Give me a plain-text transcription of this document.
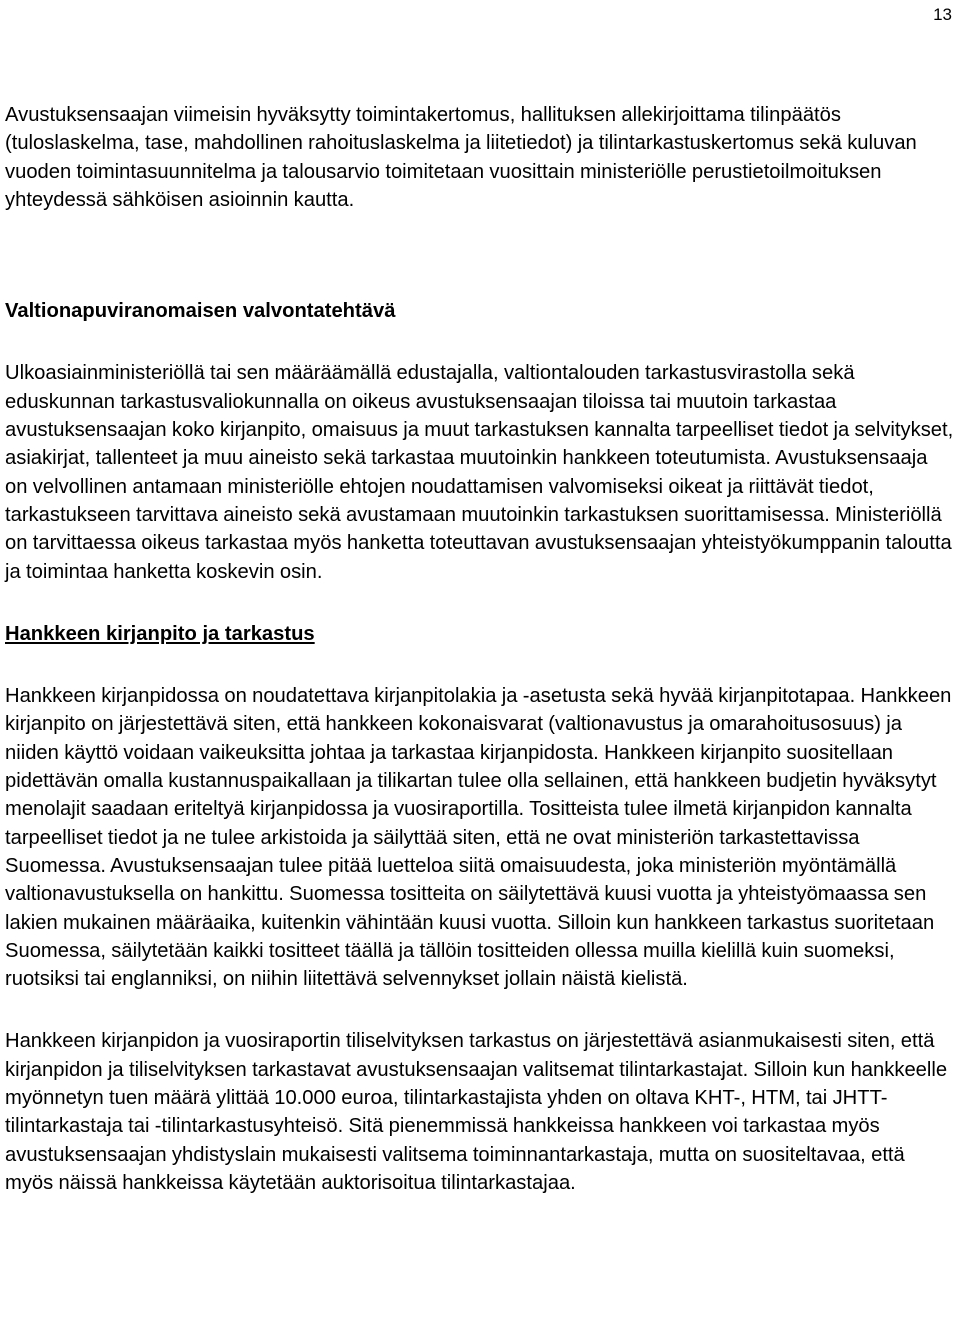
13

Avustuksensaajan viimeisin hyväksytty toimintakertomus, hallituksen allekirjoittama tilinpäätös (tuloslaskelma, tase, mahdollinen rahoituslaskelma ja liitetiedot) ja tilintarkastuskertomus sekä kuluvan vuoden toimintasuunnitelma ja talousarvio toimitetaan vuosittain ministeriölle perustietoilmoituksen yhteydessä sähköisen asioinnin kautta.

Valtionapuviranomaisen valvontatehtävä

Ulkoasiainministeriöllä tai sen määräämällä edustajalla, valtiontalouden tarkastusvirastolla sekä eduskunnan tarkastusvaliokunnalla on oikeus avustuksensaajan tiloissa tai muutoin tarkastaa avustuksensaajan koko kirjanpito, omaisuus ja muut tarkastuksen kannalta tarpeelliset tiedot ja selvitykset, asiakirjat, tallenteet ja muu aineisto sekä tarkastaa muutoinkin hankkeen toteutumista. Avustuksensaaja on velvollinen antamaan ministeriölle ehtojen noudattamisen valvomiseksi oikeat ja riittävät tiedot, tarkastukseen tarvittava aineisto sekä avustamaan muutoinkin tarkastuksen suorittamisessa. Ministeriöllä on tarvittaessa oikeus tarkastaa myös hanketta toteuttavan avustuksensaajan yhteistyökumppanin taloutta ja toimintaa hanketta koskevin osin.

Hankkeen kirjanpito ja tarkastus

Hankkeen kirjanpidossa on noudatettava kirjanpitolakia ja -asetusta sekä hyvää kirjanpitotapaa. Hankkeen kirjanpito on järjestettävä siten, että hankkeen kokonaisvarat (valtionavustus ja omarahoitusosuus) ja niiden käyttö voidaan vaikeuksitta johtaa ja tarkastaa kirjanpidosta. Hankkeen kirjanpito suositellaan pidettävän omalla kustannuspaikallaan ja tilikartan tulee olla sellainen, että hankkeen budjetin hyväksytyt menolajit saadaan eriteltyä kirjanpidossa ja vuosiraportilla. Tositteista tulee ilmetä kirjanpidon kannalta tarpeelliset tiedot ja ne tulee arkistoida ja säilyttää siten, että ne ovat ministeriön tarkastettavissa Suomessa. Avustuksensaajan tulee pitää luetteloa siitä omaisuudesta, joka ministeriön myöntämällä valtionavustuksella on hankittu. Suomessa tositteita on säilytettävä kuusi vuotta ja yhteistyömaassa sen lakien mukainen määräaika, kuitenkin vähintään kuusi vuotta. Silloin kun hankkeen tarkastus suoritetaan Suomessa, säilytetään kaikki tositteet täällä ja tällöin tositteiden ollessa muilla kielillä kuin suomeksi, ruotsiksi tai englanniksi, on niihin liitettävä selvennykset jollain näistä kielistä.

Hankkeen kirjanpidon ja vuosiraportin tiliselvityksen tarkastus on järjestettävä asianmukaisesti siten, että kirjanpidon ja tiliselvityksen tarkastavat avustuksensaajan valitsemat tilintarkastajat. Silloin kun hankkeelle myönnetyn tuen määrä ylittää 10.000 euroa, tilintarkastajista yhden on oltava KHT-, HTM, tai JHTT-tilintarkastaja tai -tilintarkastusyhteisö. Sitä pienemmissä hankkeissa hankkeen voi tarkastaa myös avustuksensaajan yhdistyslain mukaisesti valitsema toiminnantarkastaja, mutta on suositeltavaa, että myös näissä hankkeissa käytetään auktorisoitua tilintarkastajaa.
